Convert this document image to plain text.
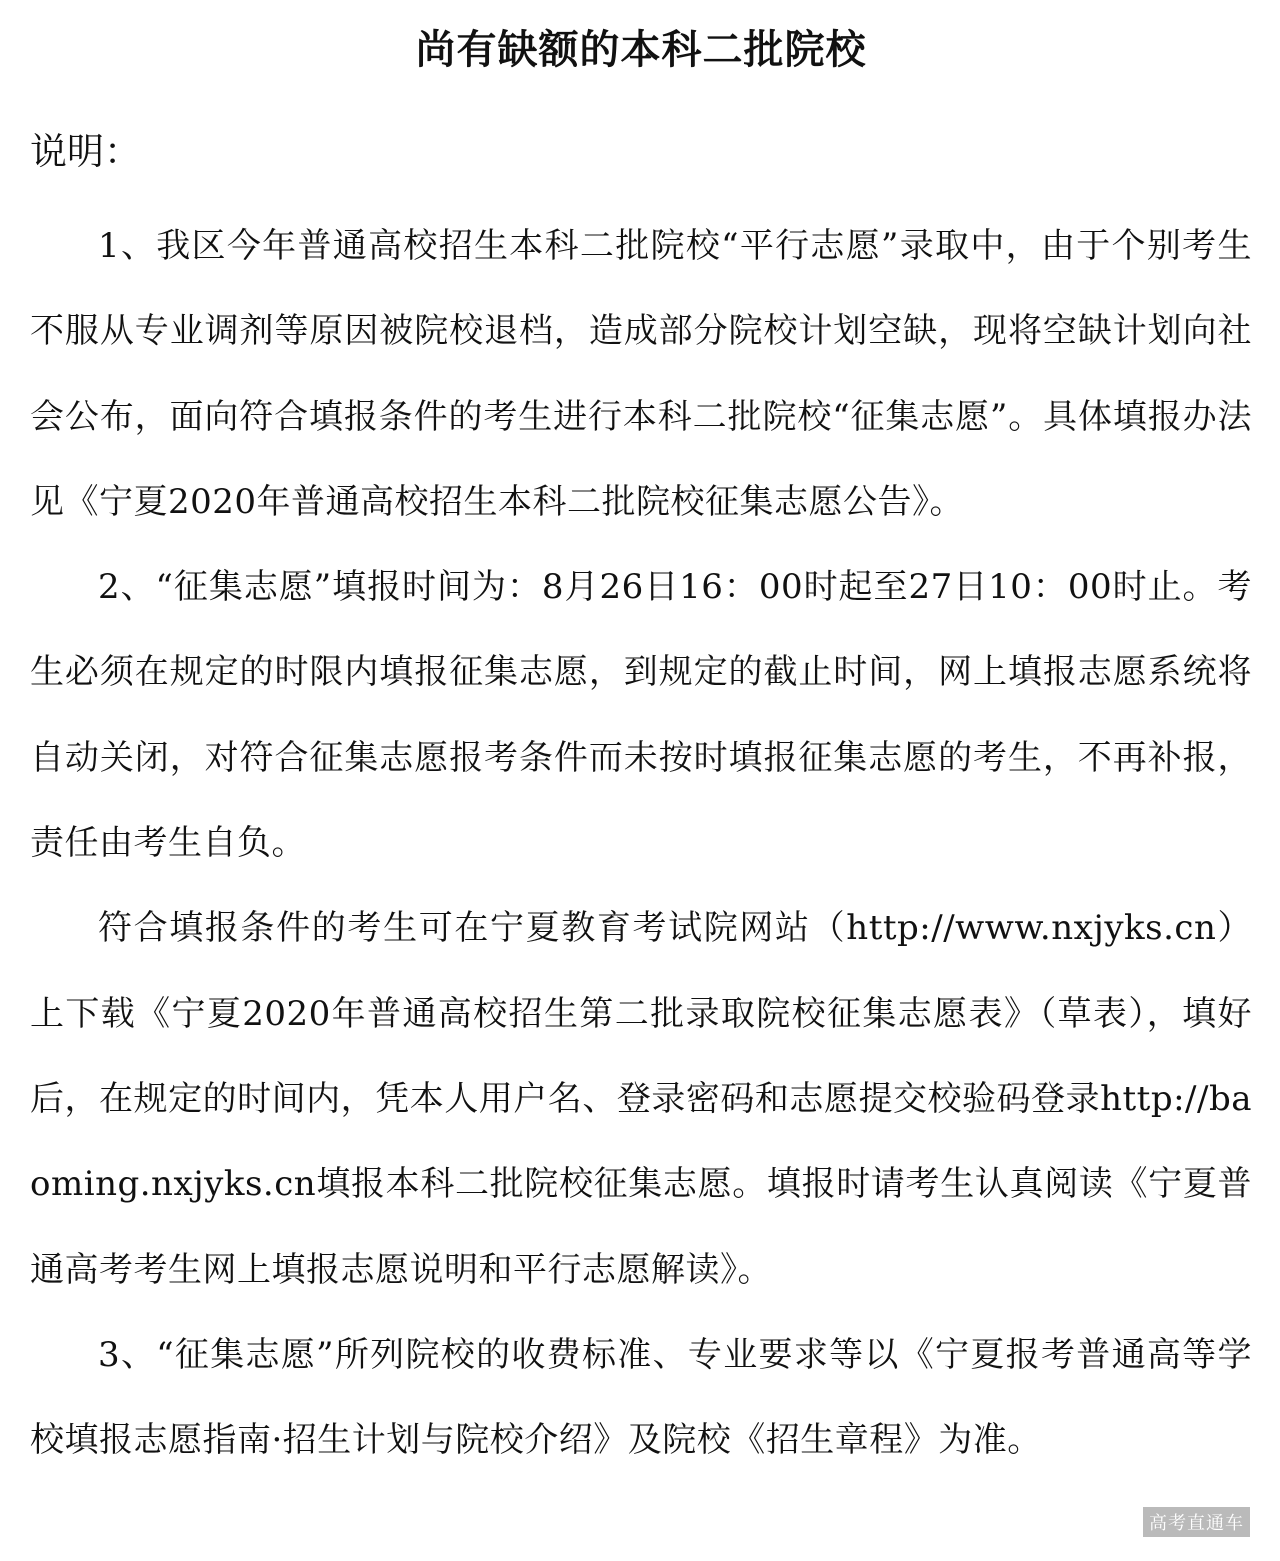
尚有缺额的本科二批院校
说明：

1、我区今年普通高校招生本科二批院校“平行志愿”录取中，由于个别考生不服从专业调剂等原因被院校退档，造成部分院校计划空缺，现将空缺计划向社会公布，面向符合填报条件的考生进行本科二批院校“征集志愿”。具体填报办法见《宁夏2020年普通高校招生本科二批院校征集志愿公告》。

2、“征集志愿”填报时间为：8月26日16：00时起至27日10：00时止。考生必须在规定的时限内填报征集志愿，到规定的截止时间，网上填报志愿系统将自动关闭，对符合征集志愿报考条件而未按时填报征集志愿的考生，不再补报，责任由考生自负。

符合填报条件的考生可在宁夏教育考试院网站（http://www.nxjyks.cn）上下载《宁夏2020年普通高校招生第二批录取院校征集志愿表》（草表），填好后，在规定的时间内，凭本人用户名、登录密码和志愿提交校验码登录http://baoming.nxjyks.cn填报本科二批院校征集志愿。填报时请考生认真阅读《宁夏普通高考考生网上填报志愿说明和平行志愿解读》。

3、“征集志愿”所列院校的收费标准、专业要求等以《宁夏报考普通高等学校填报志愿指南·招生计划与院校介绍》及院校《招生章程》为准。

高考直通车
